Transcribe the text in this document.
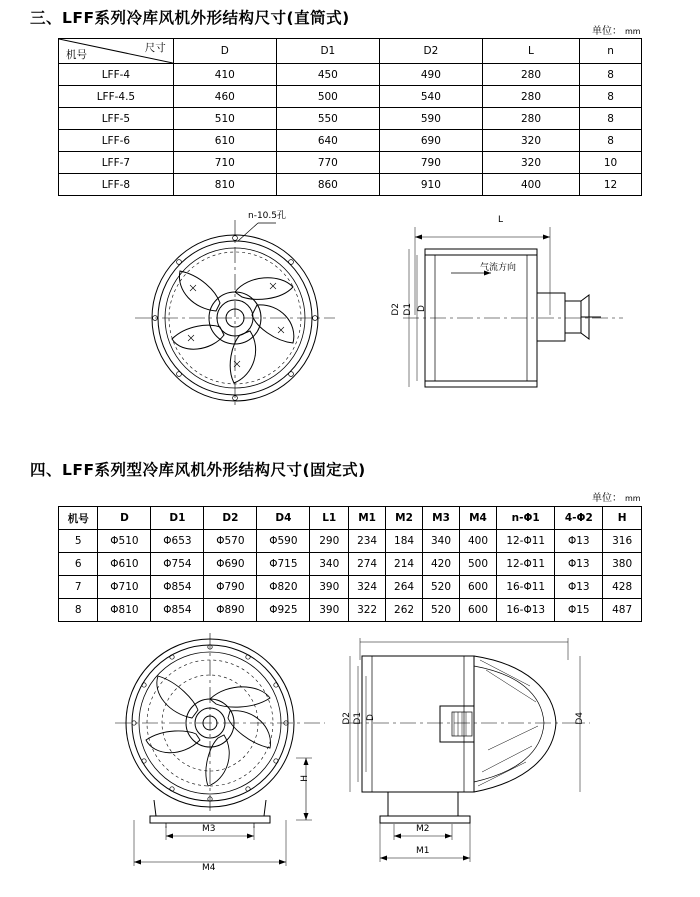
三、LFF系列冷库风机外形结构尺寸(直筒式)
单位： mm
尺寸
机号	D	D1	D2	L	n
LFF-4	410	450	490	280	8
LFF-4.5	460	500	540	280	8
LFF-5	510	550	590	280	8
LFF-6	610	640	690	320	8
LFF-7	710	770	790	320	10
LFF-8	810	860	910	400	12
n-10.5孔
气流方向
L
D2 D1 D
四、LFF系列型冷库风机外形结构尺寸(固定式)
单位： mm
机号	D	D1	D2	D4	L1	M1	M2	M3	M4	n-Φ1	4-Φ2	H
5	Φ510	Φ653	Φ570	Φ590	290	234	184	340	400	12-Φ11	Φ13	316
6	Φ610	Φ754	Φ690	Φ715	340	274	214	420	500	12-Φ11	Φ13	380
7	Φ710	Φ854	Φ790	Φ820	390	324	264	520	600	16-Φ11	Φ13	428
8	Φ810	Φ854	Φ890	Φ925	390	322	262	520	600	16-Φ13	Φ15	487
H
M3
M4
D2 D1 D	D4
M2
M1
